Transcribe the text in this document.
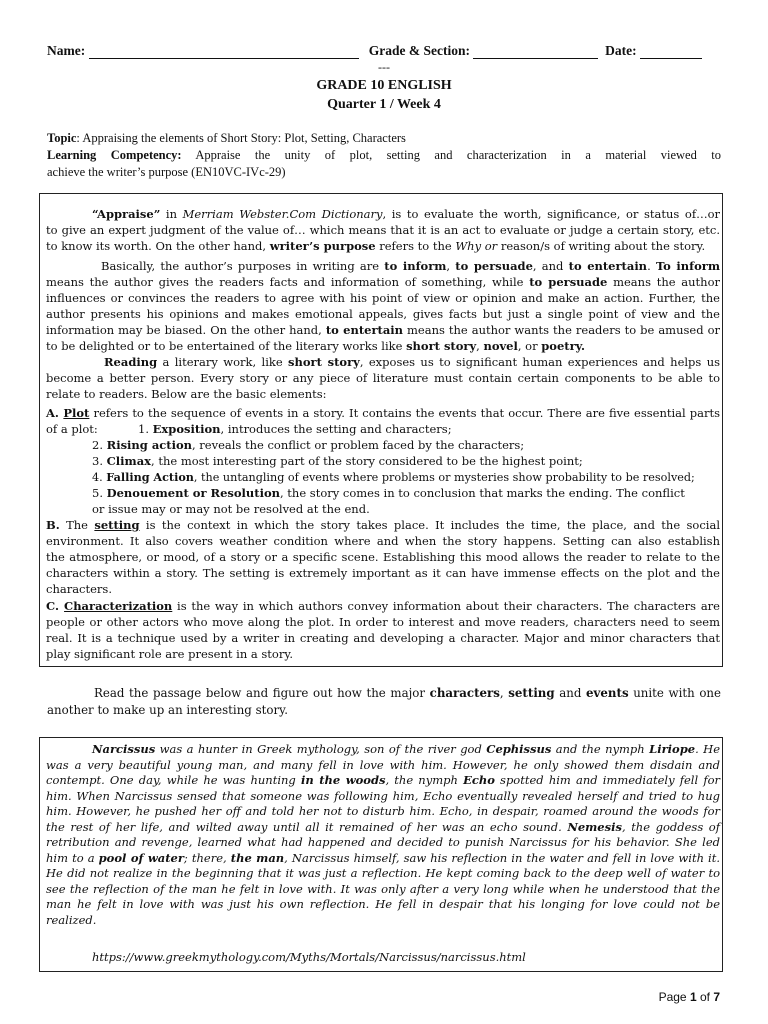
Name:	Grade & Section:	Date:
---
GRADE 10 ENGLISH
Quarter 1 / Week 4
Topic: Appraising the elements of Short Story: Plot, Setting, Characters
Learning Competency: Appraise the unity of plot, setting and characterization in a material viewed to
achieve the writer’s purpose (EN10VC-IVc-29)
“Appraise” in Merriam Webster.Com Dictionary, is to evaluate the worth, significance, or status of…or
to give an expert judgment of the value of… which means that it is an act to evaluate or judge a certain story, etc.
to know its worth. On the other hand, writer’s purpose refers to the Why or reason/s of writing about the story.
Basically, the author’s purposes in writing are to inform, to persuade, and to entertain. To inform
means the author gives the readers facts and information of something, while to persuade means the author
influences or convinces the readers to agree with his point of view or opinion and make an action. Further, the
author presents his opinions and makes emotional appeals, gives facts but just a single point of view and the
information may be biased. On the other hand, to entertain means the author wants the readers to be amused or
to be delighted or to be entertained of the literary works like short story, novel, or poetry.
Reading a literary work, like short story, exposes us to significant human experiences and helps us
become a better person. Every story or any piece of literature must contain certain components to be able to
relate to readers. Below are the basic elements:
A. Plot refers to the sequence of events in a story. It contains the events that occur. There are five essential parts
of a plot:           1. Exposition, introduces the setting and characters;
2. Rising action, reveals the conflict or problem faced by the characters;
3. Climax, the most interesting part of the story considered to be the highest point;
4. Falling Action, the untangling of events where problems or mysteries show probability to be resolved;
5. Denouement or Resolution, the story comes in to conclusion that marks the ending. The conflict
or issue may or may not be resolved at the end.
B. The setting is the context in which the story takes place. It includes the time, the place, and the social
environment. It also covers weather condition where and when the story happens. Setting can also establish
the atmosphere, or mood, of a story or a specific scene. Establishing this mood allows the reader to relate to the
characters within a story. The setting is extremely important as it can have immense effects on the plot and the
characters.
C. Characterization is the way in which authors convey information about their characters. The characters are
people or other actors who move along the plot. In order to interest and move readers, characters need to seem
real. It is a technique used by a writer in creating and developing a character. Major and minor characters that
play significant role are present in a story.
Read the passage below and figure out how the major characters, setting and events unite with one
another to make up an interesting story.
Narcissus was a hunter in Greek mythology, son of the river god Cephissus and the nymph Liriope. He
was a very beautiful young man, and many fell in love with him. However, he only showed them disdain and
contempt. One day, while he was hunting in the woods, the nymph Echo spotted him and immediately fell for
him. When Narcissus sensed that someone was following him, Echo eventually revealed herself and tried to hug
him. However, he pushed her off and told her not to disturb him. Echo, in despair, roamed around the woods for
the rest of her life, and wilted away until all it remained of her was an echo sound. Nemesis, the goddess of
retribution and revenge, learned what had happened and decided to punish Narcissus for his behavior. She led
him to a pool of water; there, the man, Narcissus himself, saw his reflection in the water and fell in love with it.
He did not realize in the beginning that it was just a reflection. He kept coming back to the deep well of water to
see the reflection of the man he felt in love with. It was only after a very long while when he understood that the
man he felt in love with was just his own reflection. He fell in despair that his longing for love could not be
realized.
https://www.greekmythology.com/Myths/Mortals/Narcissus/narcissus.html
Page 1 of 7
